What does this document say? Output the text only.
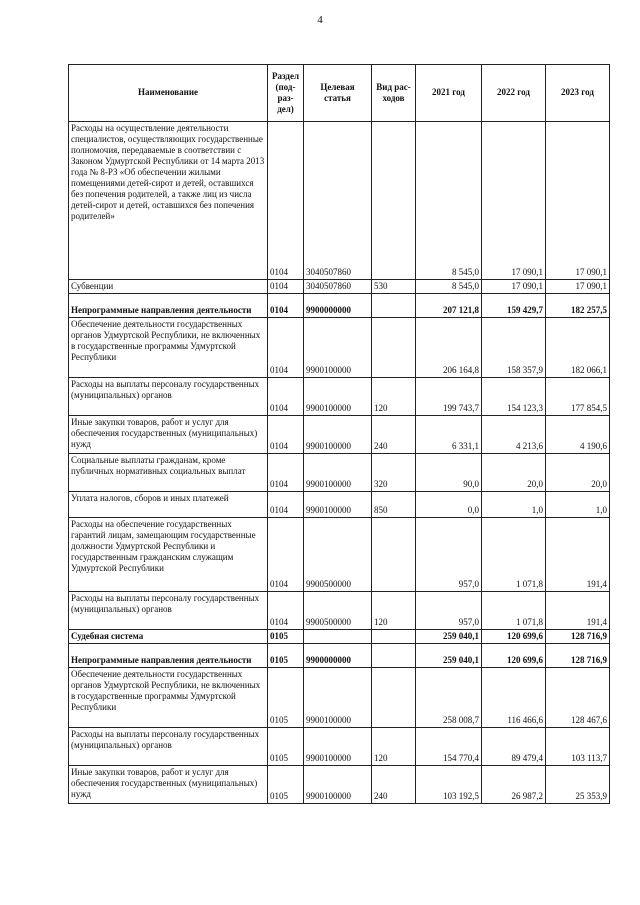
4
Наименование	Раздел (под-раз-дел)	Целевая статья	Вид рас-ходов	2021 год	2022 год	2023 год
Расходы на осуществление деятельности специалистов, осуществляющих государственные полномочия, передаваемые в соответствии с Законом Удмуртской Республики от 14 марта 2013 года № 8-РЗ «Об обеспечении жилыми помещениями детей-сирот и детей, оставшихся без попечения родителей, а также лиц из числа детей-сирот и детей, оставшихся без попечения родителей»	0104	3040507860		8 545,0	17 090,1	17 090,1
Субвенции	0104	3040507860	530	8 545,0	17 090,1	17 090,1
Непрограммные направления деятельности	0104	9900000000		207 121,8	159 429,7	182 257,5
Обеспечение деятельности государственных органов Удмуртской Республики, не включенных в государственные программы Удмуртской Республики	0104	9900100000		206 164,8	158 357,9	182 066,1
Расходы на выплаты персоналу государственных (муниципальных) органов	0104	9900100000	120	199 743,7	154 123,3	177 854,5
Иные закупки товаров, работ и услуг для обеспечения государственных (муниципальных) нужд	0104	9900100000	240	6 331,1	4 213,6	4 190,6
Социальные выплаты гражданам, кроме публичных нормативных социальных выплат	0104	9900100000	320	90,0	20,0	20,0
Уплата налогов, сборов и иных платежей	0104	9900100000	850	0,0	1,0	1,0
Расходы на обеспечение государственных гарантий лицам, замещающим государственные должности Удмуртской Республики и государственным гражданским служащим Удмуртской Республики	0104	9900500000		957,0	1 071,8	191,4
Расходы на выплаты персоналу государственных (муниципальных) органов	0104	9900500000	120	957,0	1 071,8	191,4
Судебная система	0105			259 040,1	120 699,6	128 716,9
Непрограммные направления деятельности	0105	9900000000		259 040,1	120 699,6	128 716,9
Обеспечение деятельности государственных органов Удмуртской Республики, не включенных в государственные программы Удмуртской Республики	0105	9900100000		258 008,7	116 466,6	128 467,6
Расходы на выплаты персоналу государственных (муниципальных) органов	0105	9900100000	120	154 770,4	89 479,4	103 113,7
Иные закупки товаров, работ и услуг для обеспечения государственных (муниципальных) нужд	0105	9900100000	240	103 192,5	26 987,2	25 353,9
